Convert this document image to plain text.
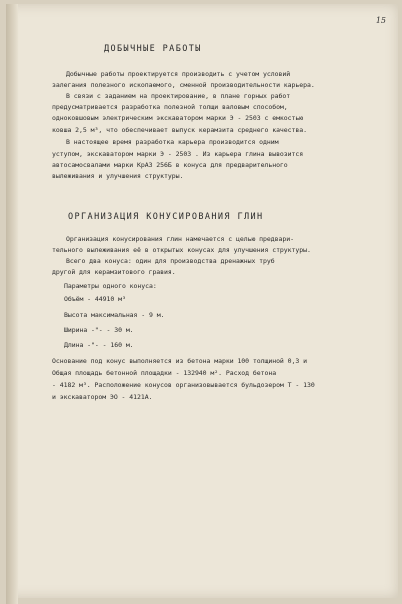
15
ДОБЫЧНЫЕ РАБОТЫ
Добычные работы проектируется производить с учетом условий
залегания полезного ископаемого, сменной производительности карьера.
В связи с заданием на проектирование, в плане горных работ
предусматривается разработка полезной толщи валовым способом,
одноковшовым электрическим экскаватором марки Э - 2503 с емкостью
ковша 2,5 м³, что обеспечивает выпуск керамзита среднего качества.
В настоящее время разработка карьера производится одним
уступом, экскаватором марки Э - 2503 . Из карьера глина вывозится
автосамосвалами марки КрАЗ 256Б в конуса для предварительного
вылеживания и улучшения структуры.
ОРГАНИЗАЦИЯ КОНУСИРОВАНИЯ ГЛИН
Организация конусирования глин намечается с целью предвари-
тельного вылеживания её в открытых конусах для улучшения структуры.
Всего два конуса: один для производства дренажных труб
другой для керамзитового гравия.
Параметры одного конуса:
Объём - 44910 м³
Высота максимальная - 9 м.
Ширина -"- - 30 м.
Длина -"- - 160 м.
Основание под конус выполняется из бетона марки 100 толщиной 0,3 и
Общая площадь бетонной площадки - 132940 м². Расход бетона
- 4182 м³. Расположение конусов организовывается бульдозером Т - 130
и экскаватором ЭО - 4121А.
